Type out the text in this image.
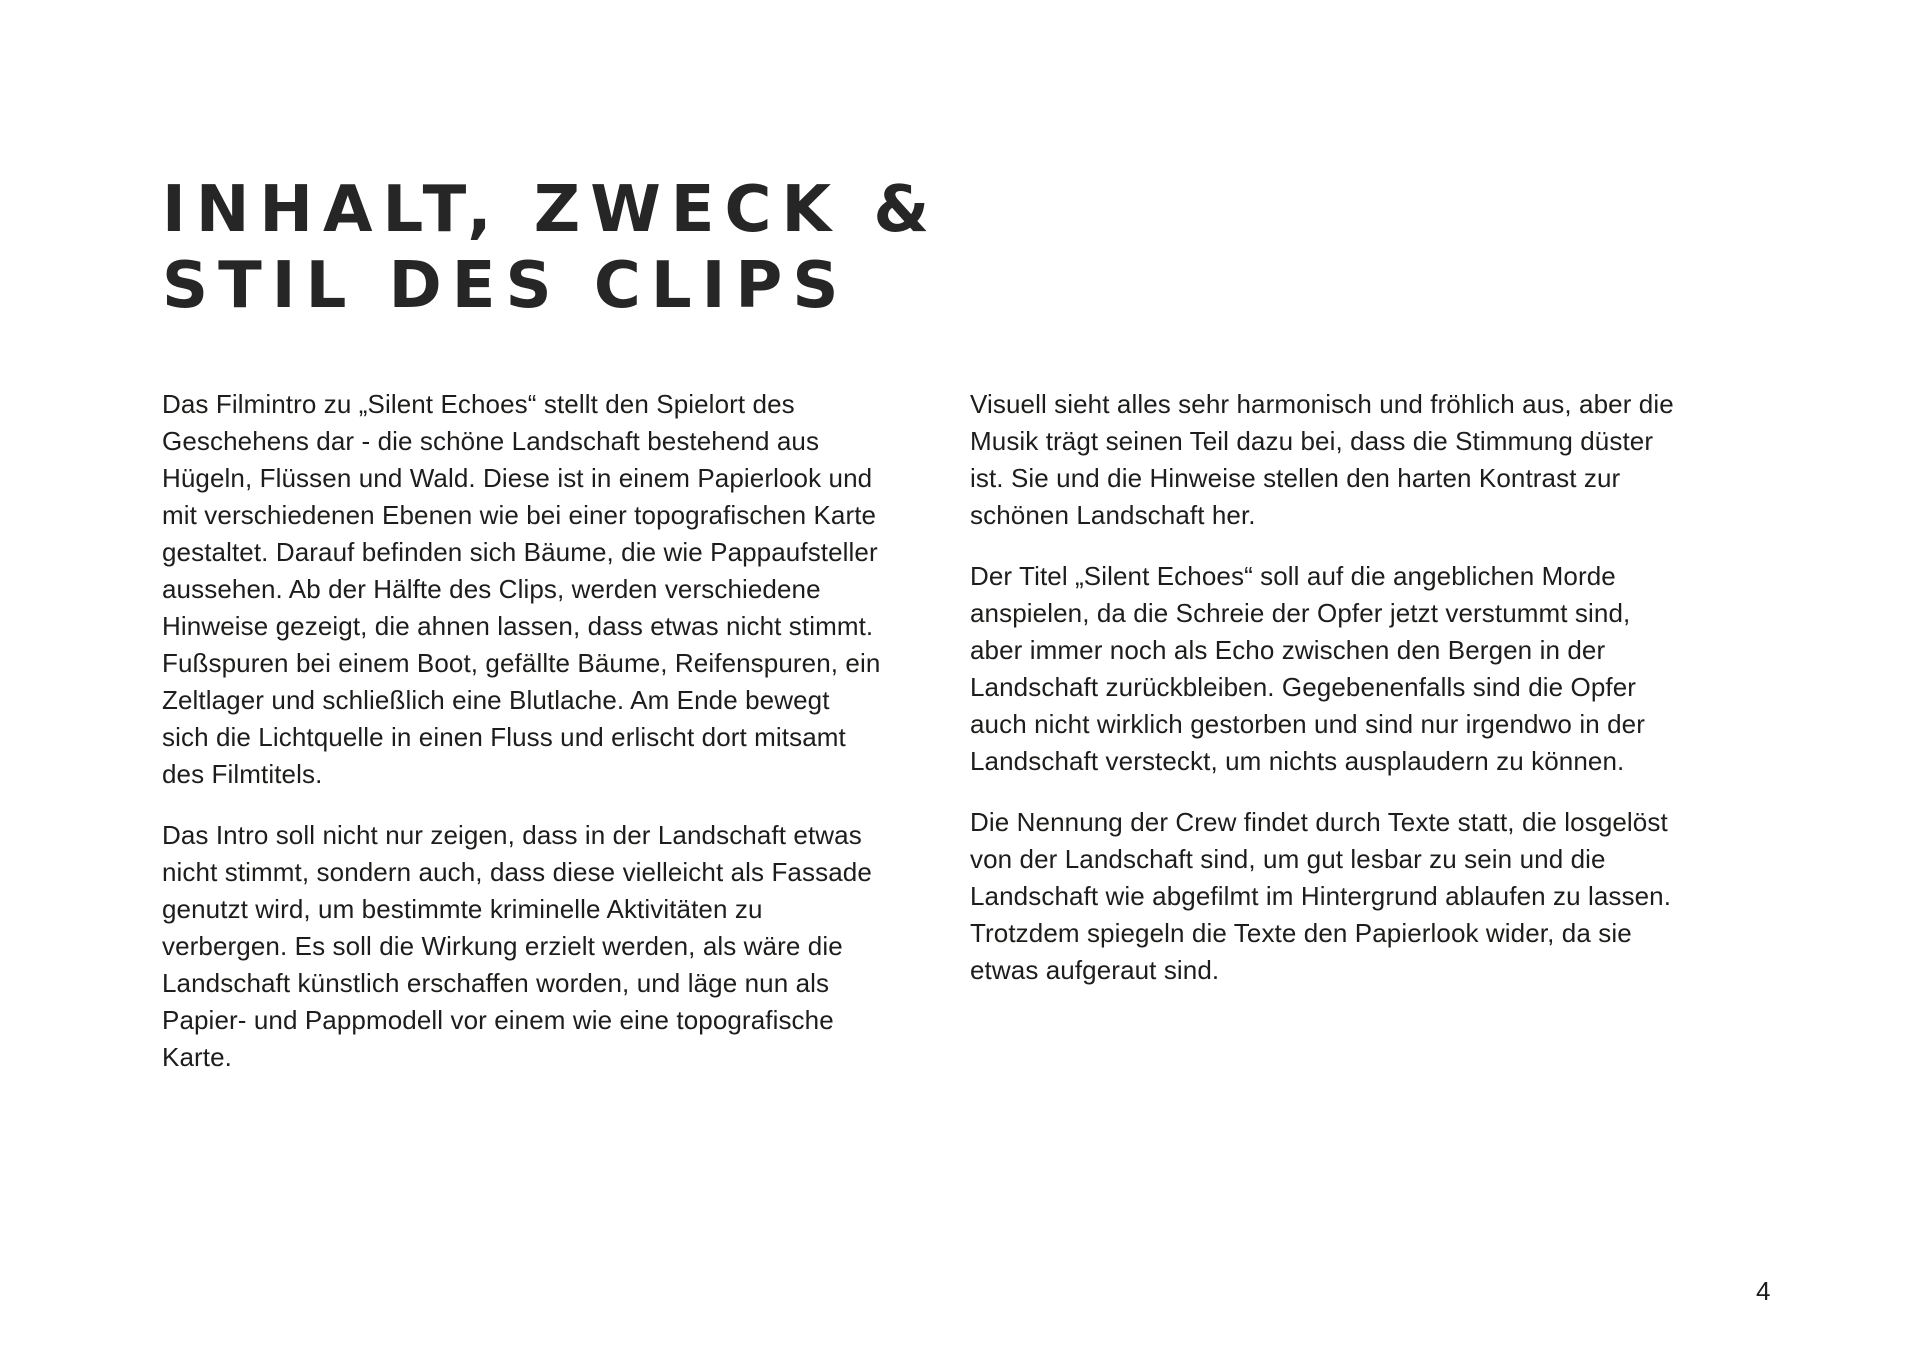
INHALT, ZWECK &
STIL DES CLIPS

Das Filmintro zu „Silent Echoes“ stellt den Spielort des Geschehens dar - die schöne Landschaft bestehend aus Hügeln, Flüssen und Wald. Diese ist in einem Papierlook und mit verschiedenen Ebenen wie bei einer topografischen Karte gestaltet. Darauf befinden sich Bäume, die wie Pappaufsteller aussehen. Ab der Hälfte des Clips, werden verschiedene Hinweise gezeigt, die ahnen lassen, dass etwas nicht stimmt. Fußspuren bei einem Boot, gefällte Bäume, Reifenspuren, ein Zeltlager und schließlich eine Blutlache. Am Ende bewegt sich die Lichtquelle in einen Fluss und erlischt dort mitsamt des Filmtitels.

Das Intro soll nicht nur zeigen, dass in der Landschaft etwas nicht stimmt, sondern auch, dass diese vielleicht als Fassade genutzt wird, um bestimmte kriminelle Aktivitäten zu verbergen. Es soll die Wirkung erzielt werden, als wäre die Landschaft künstlich erschaffen worden, und läge nun als Papier- und Pappmodell vor einem wie eine topografische Karte.

Visuell sieht alles sehr harmonisch und fröhlich aus, aber die Musik trägt seinen Teil dazu bei, dass die Stimmung düster ist. Sie und die Hinweise stellen den harten Kontrast zur schönen Landschaft her.

Der Titel „Silent Echoes“ soll auf die angeblichen Morde anspielen, da die Schreie der Opfer jetzt verstummt sind, aber immer noch als Echo zwischen den Bergen in der Landschaft zurückbleiben. Gegebenenfalls sind die Opfer auch nicht wirklich gestorben und sind nur irgendwo in der Landschaft versteckt, um nichts ausplaudern zu können.

Die Nennung der Crew findet durch Texte statt, die losgelöst von der Landschaft sind, um gut lesbar zu sein und die Landschaft wie abgefilmt im Hintergrund ablaufen zu lassen. Trotzdem spiegeln die Texte den Papierlook wider, da sie etwas aufgeraut sind.

4
